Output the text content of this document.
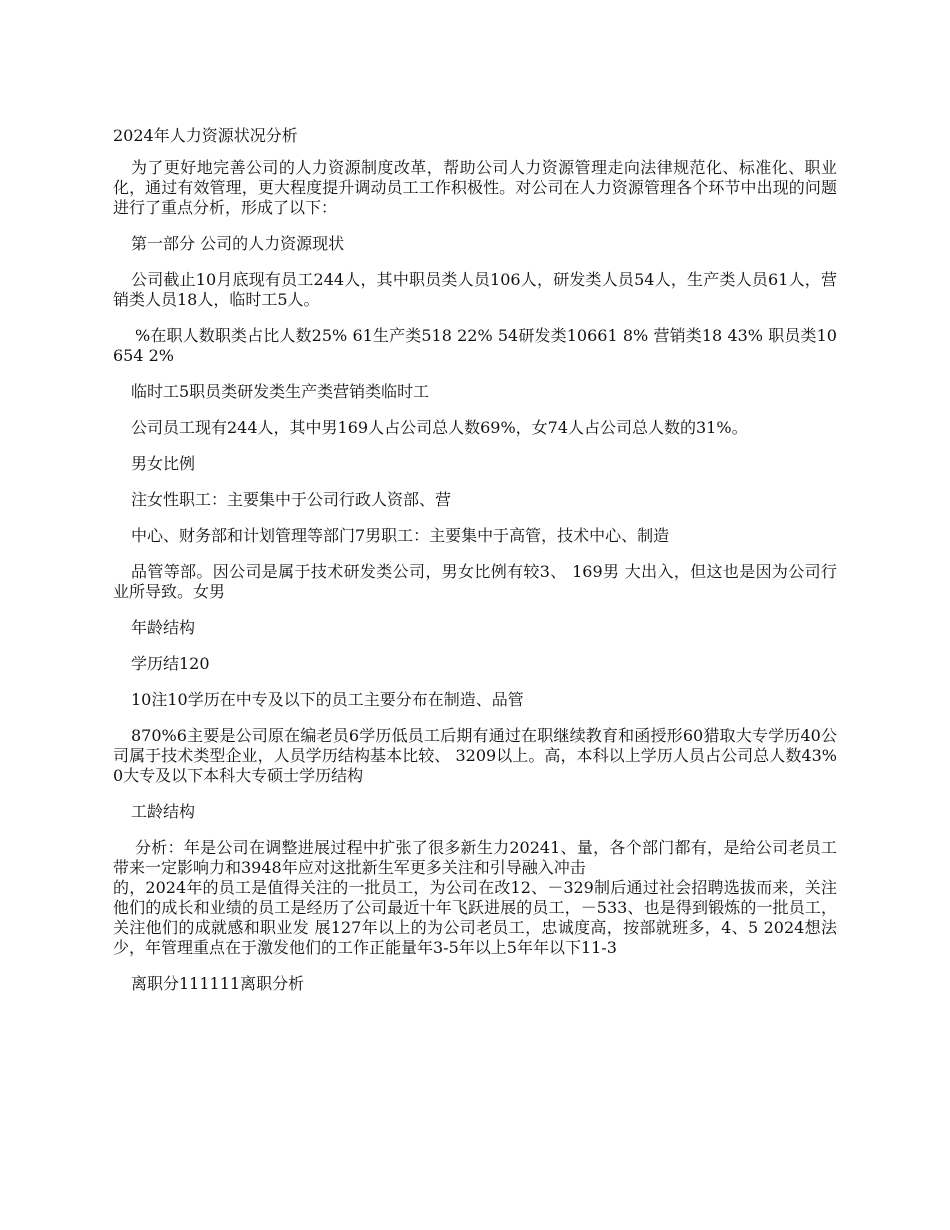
2024年人力资源状况分析

为了更好地完善公司的人力资源制度改革，帮助公司人力资源管理走向法律规范化、标准化、职业化，通过有效管理，更大程度提升调动员工工作积极性。对公司在人力资源管理各个环节中出现的问题进行了重点分析，形成了以下：

第一部分 公司的人力资源现状

公司截止10月底现有员工244人，其中职员类人员106人，研发类人员54人，生产类人员61人，营销类人员18人，临时工5人。

%在职人数职类占比人数25% 61生产类518 22% 54研发类10661 8% 营销类18 43% 职员类10654 2%

临时工5职员类研发类生产类营销类临时工

公司员工现有244人，其中男169人占公司总人数69%，女74人占公司总人数的31%。

男女比例

注女性职工：主要集中于公司行政人资部、营

中心、财务部和计划管理等部门7男职工：主要集中于高管，技术中心、制造

品管等部。因公司是属于技术研发类公司，男女比例有较3、 169男 大出入，但这也是因为公司行业所导致。女男

年龄结构

学历结120

10注10学历在中专及以下的员工主要分布在制造、品管

870%6主要是公司原在编老员6学历低员工后期有通过在职继续教育和函授形60猎取大专学历40公司属于技术类型企业，人员学历结构基本比较、 3209以上。高，本科以上学历人员占公司总人数43%0大专及以下本科大专硕士学历结构

工龄结构

分析：年是公司在调整进展过程中扩张了很多新生力20241、量，各个部门都有，是给公司老员工带来一定影响力和3948年应对这批新生军更多关注和引导融入冲击
的，2024年的员工是值得关注的一批员工，为公司在改12、－329制后通过社会招聘选拔而来，关注他们的成长和业绩的员工是经历了公司最近十年飞跃进展的员工，－533、也是得到锻炼的一批员工，关注他们的成就感和职业发 展127年以上的为公司老员工，忠诚度高，按部就班多，4、5 2024想法少，年管理重点在于激发他们的工作正能量年3-5年以上5年年以下11-3

离职分111111离职分析
